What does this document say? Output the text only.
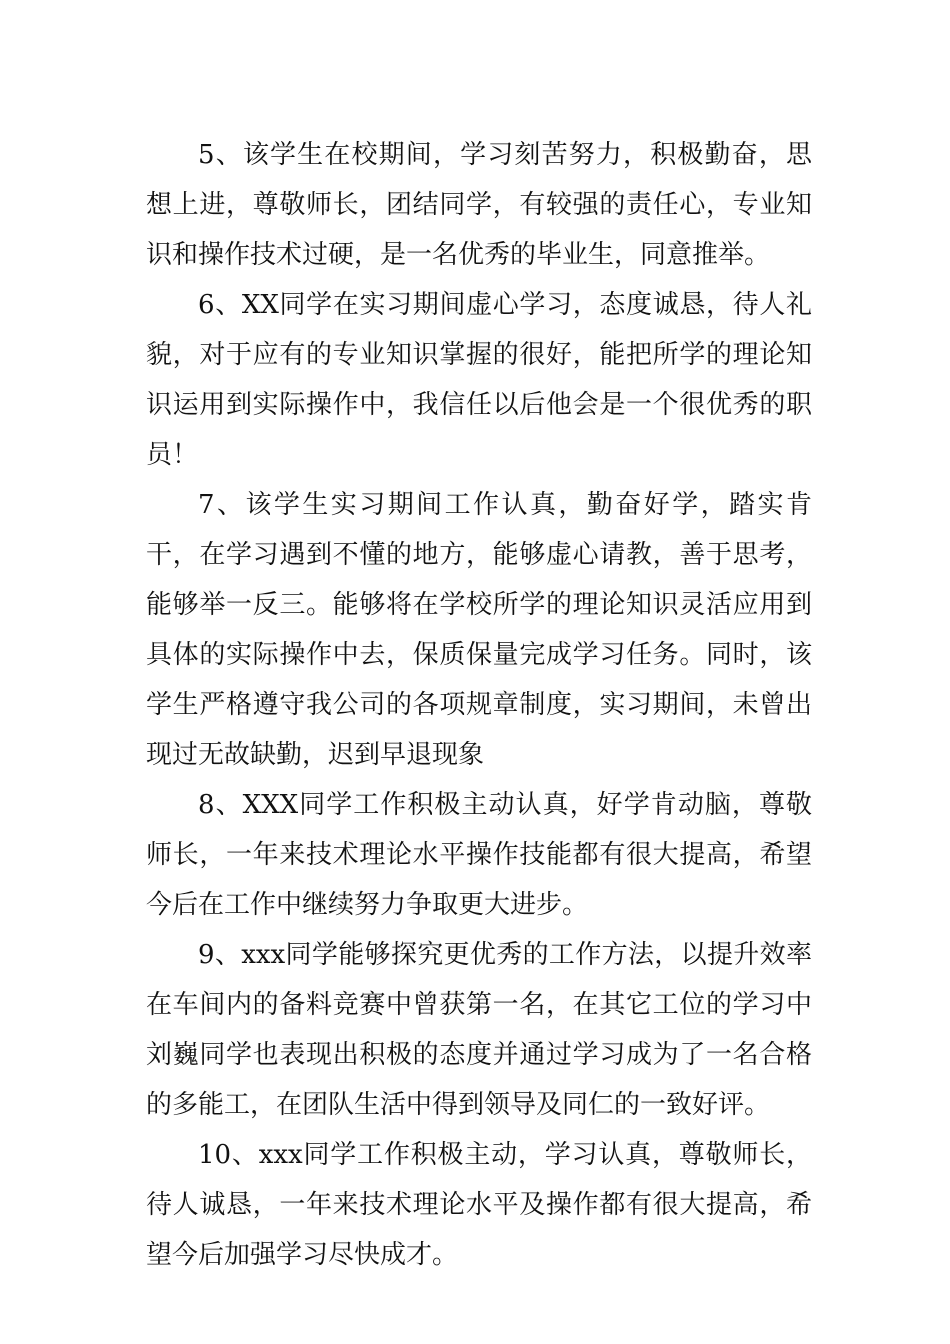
5、该学生在校期间，学习刻苦努力，积极勤奋，思想上进，尊敬师长，团结同学，有较强的责任心，专业知识和操作技术过硬，是一名优秀的毕业生，同意推举。

6、XX同学在实习期间虚心学习，态度诚恳，待人礼貌，对于应有的专业知识掌握的很好，能把所学的理论知识运用到实际操作中，我信任以后他会是一个很优秀的职员！

7、该学生实习期间工作认真，勤奋好学，踏实肯干，在学习遇到不懂的地方，能够虚心请教，善于思考，能够举一反三。能够将在学校所学的理论知识灵活应用到具体的实际操作中去，保质保量完成学习任务。同时，该学生严格遵守我公司的各项规章制度，实习期间，未曾出现过无故缺勤，迟到早退现象

8、XXX同学工作积极主动认真，好学肯动脑，尊敬师长，一年来技术理论水平操作技能都有很大提高，希望今后在工作中继续努力争取更大进步。

9、xxx同学能够探究更优秀的工作方法，以提升效率在车间内的备料竞赛中曾获第一名，在其它工位的学习中刘巍同学也表现出积极的态度并通过学习成为了一名合格的多能工，在团队生活中得到领导及同仁的一致好评。

10、xxx同学工作积极主动，学习认真，尊敬师长，待人诚恳，一年来技术理论水平及操作都有很大提高，希望今后加强学习尽快成才。
